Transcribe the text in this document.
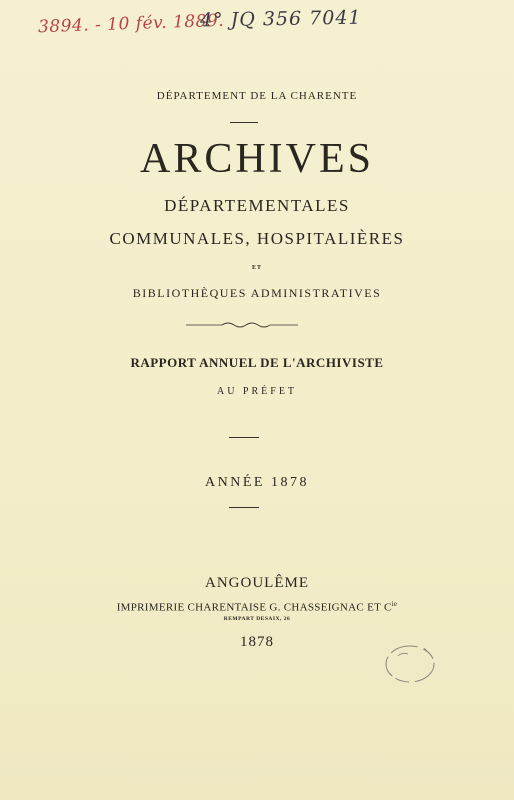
3894. - 10 fév. 1889.
4° JQ 356 7041
DÉPARTEMENT DE LA CHARENTE
ARCHIVES
DÉPARTEMENTALES
COMMUNALES, HOSPITALIÈRES
ET
BIBLIOTHÈQUES ADMINISTRATIVES
RAPPORT ANNUEL DE L'ARCHIVISTE
AU PRÉFET
ANNÉE 1878
ANGOULÊME
IMPRIMERIE CHARENTAISE G. CHASSEIGNAC ET $C^{ie}$
REMPART DESAIX, 26
1878
